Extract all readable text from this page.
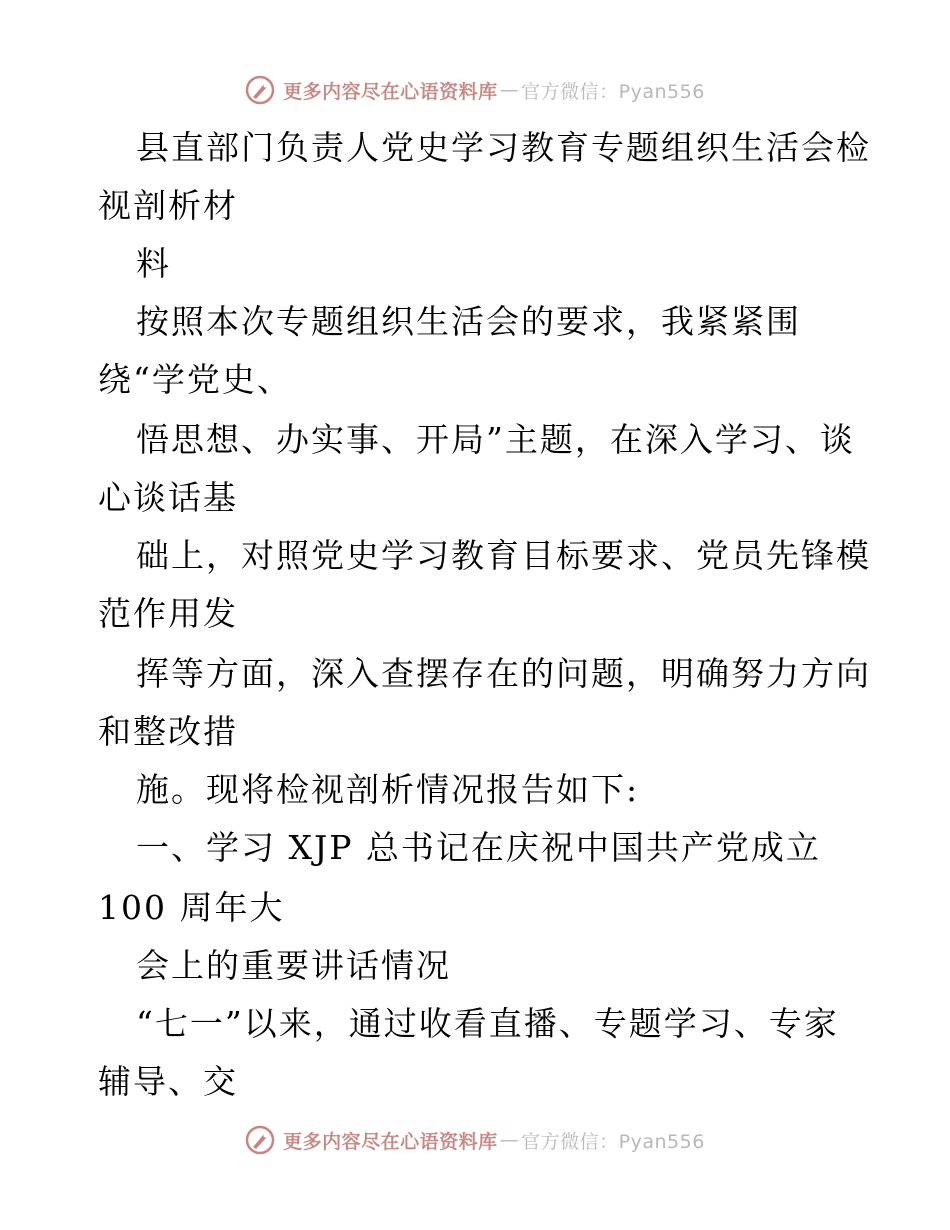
更多内容尽在心语资料库 — 官方微信：Pyan556
县直部门负责人党史学习教育专题组织生活会检
视剖析材
料
按照本次专题组织生活会的要求，我紧紧围
绕“学党史、
悟思想、办实事、开局”主题，在深入学习、谈
心谈话基
础上，对照党史学习教育目标要求、党员先锋模
范作用发
挥等方面，深入查摆存在的问题，明确努力方向
和整改措
施。现将检视剖析情况报告如下:
一、学习 XJP 总书记在庆祝中国共产党成立
100 周年大
会上的重要讲话情况
“七一”以来，通过收看直播、专题学习、专家
辅导、交
更多内容尽在心语资料库 — 官方微信：Pyan556
